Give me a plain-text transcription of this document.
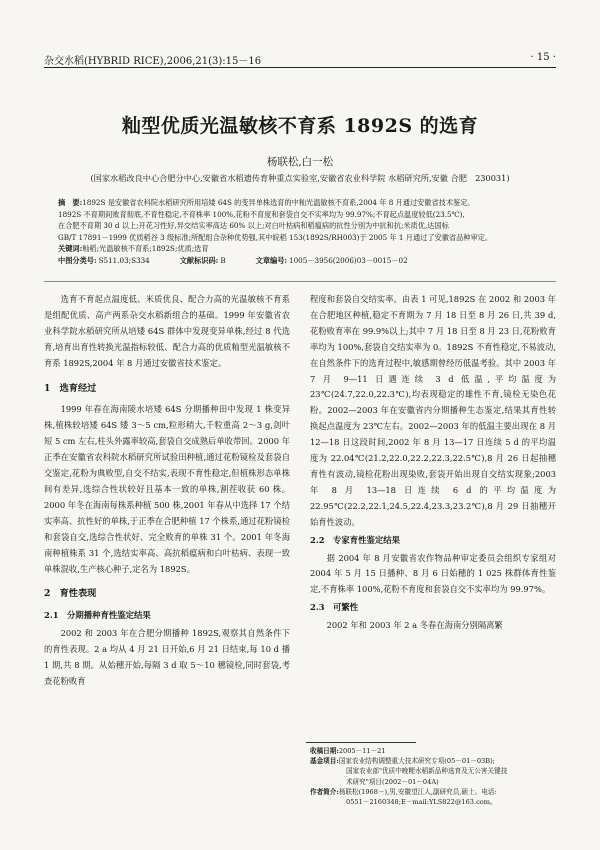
杂交水稻(HYBRID RICE),2006,21(3):15－16	· 15 ·
籼型优质光温敏核不育系 1892S 的选育
杨联松,白一松
(国家水稻改良中心合肥分中心,安徽省水稻遗传育种重点实验室,安徽省农业科学院 水稻研究所,安徽 合肥　230031)

摘　要:1892S 是安徽省农科院水稻研究所用培矮 64S 的变异单株选育的中籼光温敏核不育系,2004 年 8 月通过安徽省技术鉴定。

1892S 不育期间败育彻底,不育性稳定,不育株率 100%,花粉不育度和套袋自交不实率均为 99.97%;不育起点温度较低(23.5℃),

在合肥不育期 30 d 以上;开花习性好,异交结实率高达 60% 以上;对白叶枯病和稻瘟病的抗性分别为中抗和抗;米质优,达国标

GB/T 17891－1999 优质稻谷 3 级标准;所配组合杂种优势强,其中皖稻 153(1892S/RH003)于 2005 年 1 月通过了安徽省品种审定。

关键词:籼稻;光温敏核不育系;1892S;优质;选育

中图分类号: S511.03;S334	文献标识码: B	文章编号: 1005－3956(2006)03－0015－02

选育不育起点温度低、米质优良、配合力高的光温敏核不育系是组配优质、高产两系杂交水稻新组合的基础。1999 年安徽省农业科学院水稻研究所从培矮 64S 群体中发现变异单株,经过 8 代选育,培育出育性转换光温指标较低、配合力高的优质籼型光温敏核不育系 1892S,2004 年 8 月通过安徽省技术鉴定。

1　选育经过

1999 年春在海南陵水培矮 64S 分期播种田中发现 1 株变异株,植株较培矮 64S 矮 3～5 cm,粒形稍大,千粒重高 2～3 g,剑叶短 5 cm 左右,柱头外露率较高,套袋自交成熟后单收带回。2000 年正季在安徽省农科院水稻研究所试验田种植,通过花粉镜检及套袋自交鉴定,花粉为典败型,自交不结实,表现不育性稳定,但植株形态单株间有差异,选综合性状较好且基本一致的单株,割茬收获 60 株。2000 年冬在海南每株系种植 500 株,2001 年春从中选择 17 个结实率高、抗性好的单株,于正季在合肥种植 17 个株系,通过花粉镜检和套袋自交,选综合性状好、完全败育的单株 31 个。2001 年冬海南种植株系 31 个,选结实率高、高抗稻瘟病和白叶枯病、表现一致单株混收,生产核心种子,定名为 1892S。

2　育性表现
2.1　分期播种育性鉴定结果

2002 和 2003 年在合肥分期播种 1892S,观察其自然条件下的育性表现。2 a 均从 4 月 21 日开始,6 月 21 日结束,每 10 d 播 1 期,共 8 期。从始穗开始,每隔 3 d 取 5～10 穗镜检,同时套袋,考查花粉败育

程度和套袋自交结实率。由表 1 可见,1892S 在 2002 和 2003 年在合肥地区种植,稳定不育期为 7 月 18 日至 8 月 26 日,共 39 d,花粉败育率在 99.9%以上;其中 7 月 18 日至 8 月 23 日,花粉败育率均为 100%,套袋自交结实率为 0。1892S 不育性稳定,不易波动,在自然条件下的选育过程中,敏感期曾经历低温考验。其中 2003 年 7 月 9—11 日遇连续 3 d 低温,平均温度为 23℃(24.7,22.0,22.3℃),均表现稳定的雄性不育,镜检无染色花粉。2002—2003 年在安徽省内分期播种生态鉴定,结果其育性转换起点温度为 23℃左右。2002—2003 年的低温主要出现在 8 月 12—18 日这段时间,2002 年 8 月 13—17 日连续 5 d 的平均温度为 22.04℃(21.2,22.0,22.2,22.3,22.5℃),8 月 26 日起抽穗育性有波动,镜检花粉出现染败,套袋开始出现自交结实现象;2003 年 8 月 13—18 日连续 6 d 的平均温度为 22.95℃(22.2,22.1,24.5,22.4,23.3,23.2℃),8 月 29 日抽穗开始育性波动。

2.2　专家育性鉴定结果

据 2004 年 8 月安徽省农作物品种审定委员会组织专家组对 2004 年 5 月 15 日播种、8 月 6 日始穗的 1 025 株群体育性鉴定,不育株率 100%,花粉不育度和套袋自交不实率均为 99.97%。

2.3　可繁性

2002 年和 2003 年 2 a 冬春在海南分别隔离繁

收稿日期:2005－11－21
基金项目:国家农业结构调整重大技术研究专项(05－01－03B);
国家农业部"优质中晚粳水稻新品种选育及无公害关键技
术研究"项目(2002－01－04A)
作者简介:杨联松(1968－),男,安徽望江人,副研究员,硕士。电话:
0551－2160348;E－mail:YLS822@163.com。
